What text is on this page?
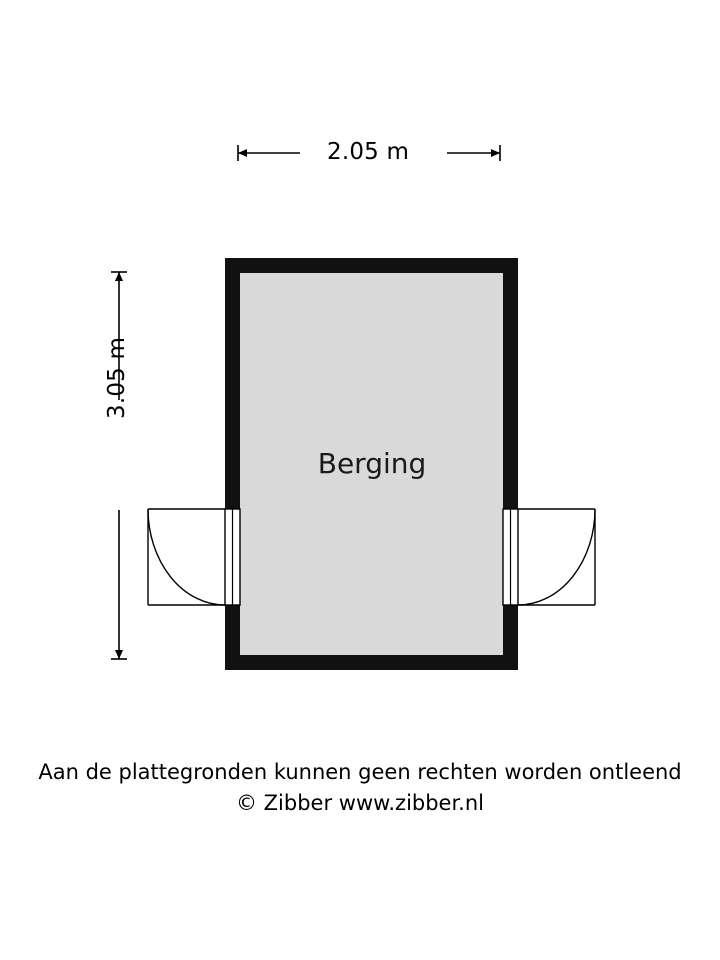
2.05 m
3.05 m
Berging
Aan de plattegronden kunnen geen rechten worden ontleend
© Zibber www.zibber.nl
